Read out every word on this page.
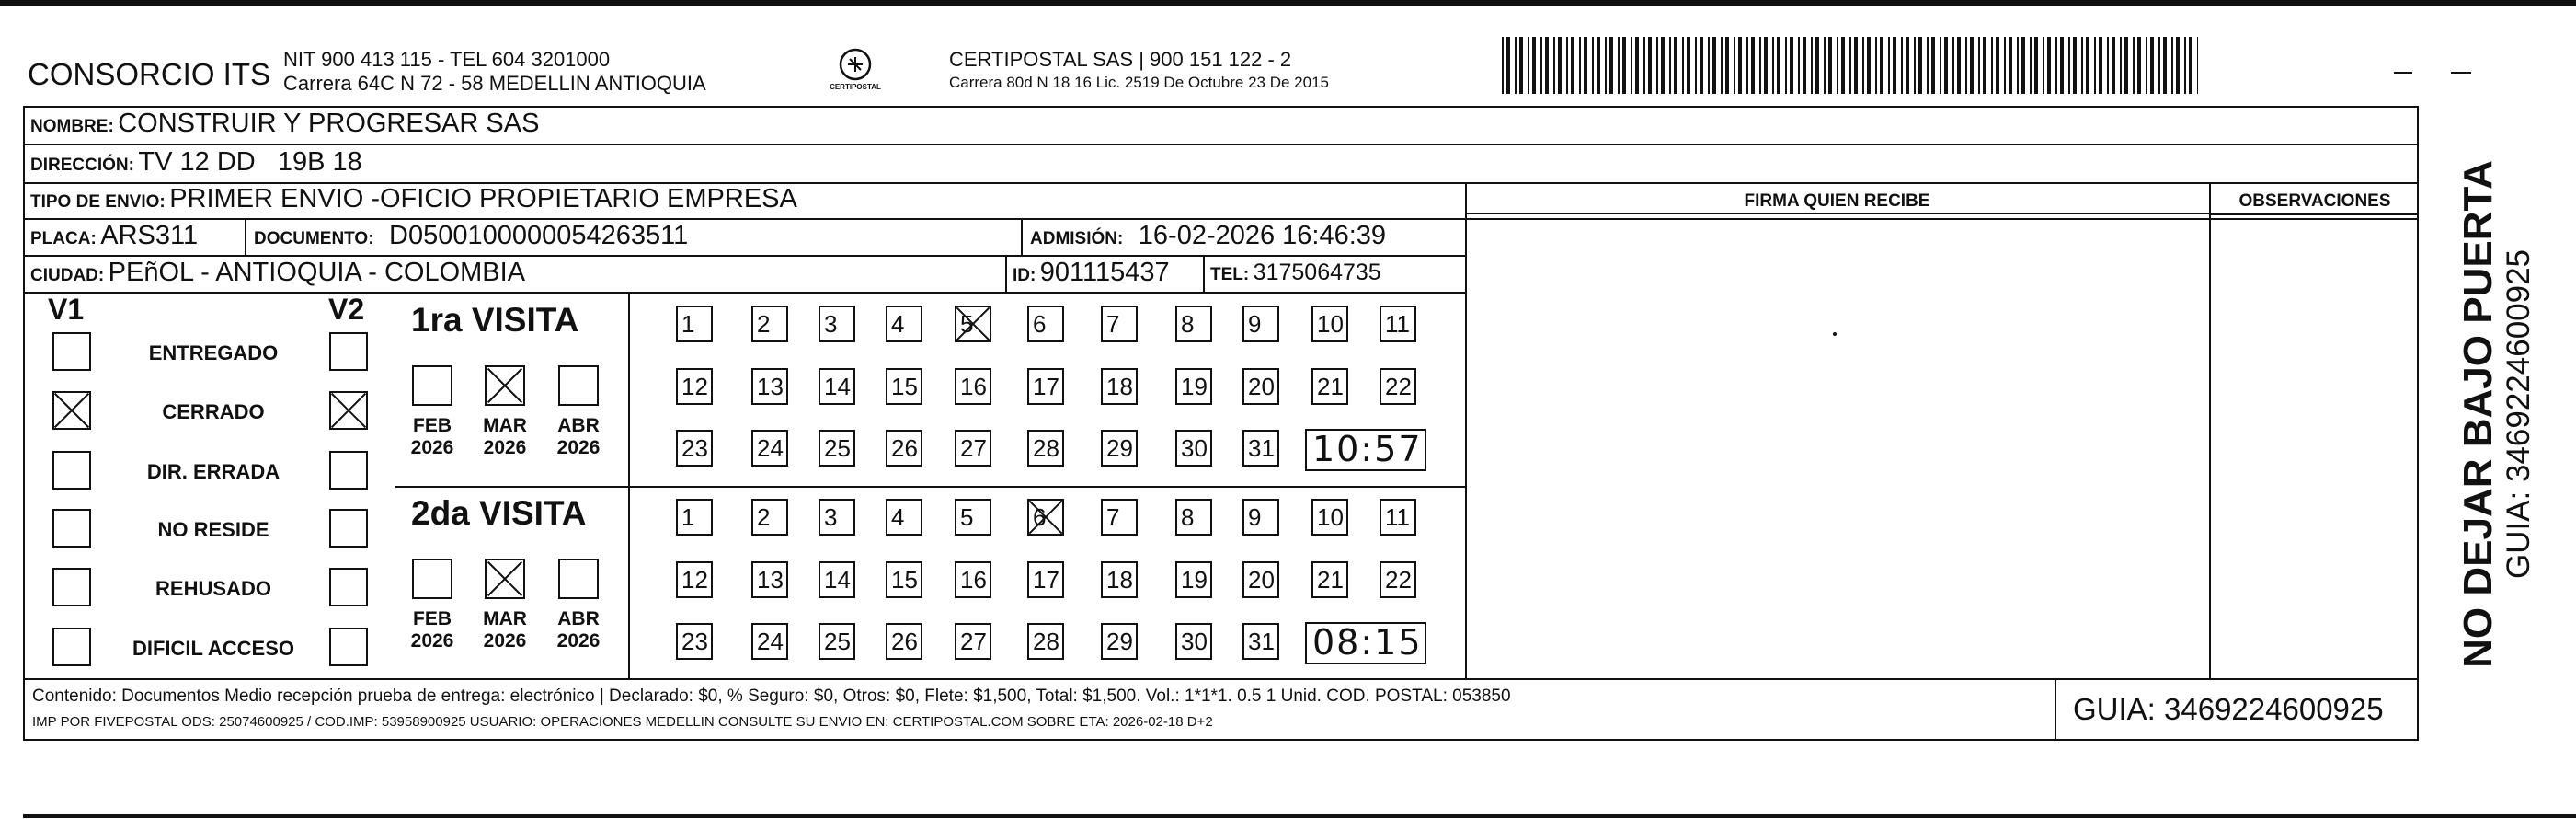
CONSORCIO ITS NIT 900 413 115 - TEL 604 3201000
Carrera 64C N 72 - 58 MEDELLIN ANTIOQUIA	CERTIPOSTAL
CERTIPOSTAL SAS | 900 151 122 - 2
Carrera 80d N 18 16 Lic. 2519 De Octubre 23 De 2015
NOMBRE: CONSTRUIR Y PROGRESAR SAS
DIRECCIÓN: TV 12 DD   19B 18
TIPO DE ENVIO: PRIMER ENVIO -OFICIO PROPIETARIO EMPRESA	FIRMA QUIEN RECIBE	OBSERVACIONES
PLACA: ARS311	DOCUMENTO: D0500100000054263511	ADMISIÓN: 16-02-2026 16:46:39
CIUDAD: PEñOL - ANTIOQUIA - COLOMBIA	ID: 901115437 TEL: 3175064735
V1	V2
ENTREGADO
CERRADO
DIR. ERRADA
NO RESIDE
REHUSADO
DIFICIL ACCESO
1ra VISITA
2da VISITA
FEB
2026
MAR
2026
ABR
2026
1	2	3	4	5	6	7	8	9	10 11
12 13 14 15 16 17 18 19 20 21 22
23 24 25 26 27 28 29 30 31
FEB
2026
MAR
2026
ABR
2026
1	2	3	4	5	6	7	8	9	10 11
12 13 14 15 16 17 18 19 20 21 22
23 24 25 26 27 28 29 30 31
10:57
08:15
Contenido: Documentos Medio recepción prueba de entrega: electrónico | Declarado: $0, % Seguro: $0, Otros: $0, Flete: $1,500, Total: $1,500. Vol.: 1*1*1. 0.5 1 Unid. COD. POSTAL: 053850
IMP POR FIVEPOSTAL ODS: 25074600925 / COD.IMP: 53958900925 USUARIO: OPERACIONES MEDELLIN CONSULTE SU ENVIO EN: CERTIPOSTAL.COM SOBRE ETA: 2026-02-18 D+2	GUIA: 3469224600925
NO DEJAR BAJO PUERTA GUIA: 3469224600925
